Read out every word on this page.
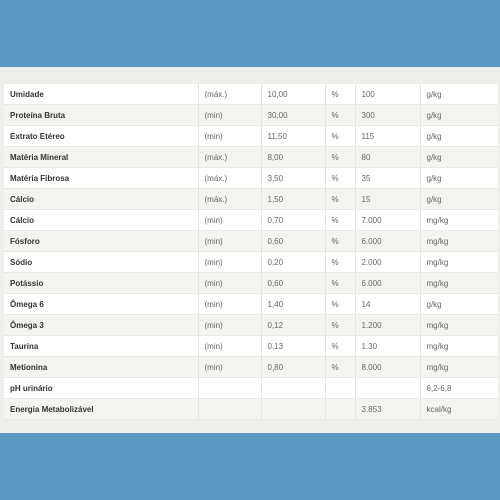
Umidade	(máx.)	10,00	%	100	g/kg
Proteína Bruta	(min)	30,00	%	300	g/kg
Extrato Etéreo	(min)	11,50	%	115	g/kg
Matéria Mineral	(máx.)	8,00	%	80	g/kg
Matéria Fibrosa	(máx.)	3,50	%	35	g/kg
Cálcio	(máx.)	1,50	%	15	g/kg
Cálcio	(min)	0,70	%	7.000	mg/kg
Fósforo	(min)	0,60	%	6.000	mg/kg
Sódio	(min)	0,20	%	2.000	mg/kg
Potássio	(min)	0,60	%	6.000	mg/kg
Ômega 6	(min)	1,40	%	14	g/kg
Ômega 3	(min)	0,12	%	1.200	mg/kg
Taurina	(min)	0,13	%	1.30	mg/kg
Metionina	(min)	0,80	%	8.000	mg/kg
pH urinário					6,2-6,8
Energia Metabolizável				3.853	kcal/kg
